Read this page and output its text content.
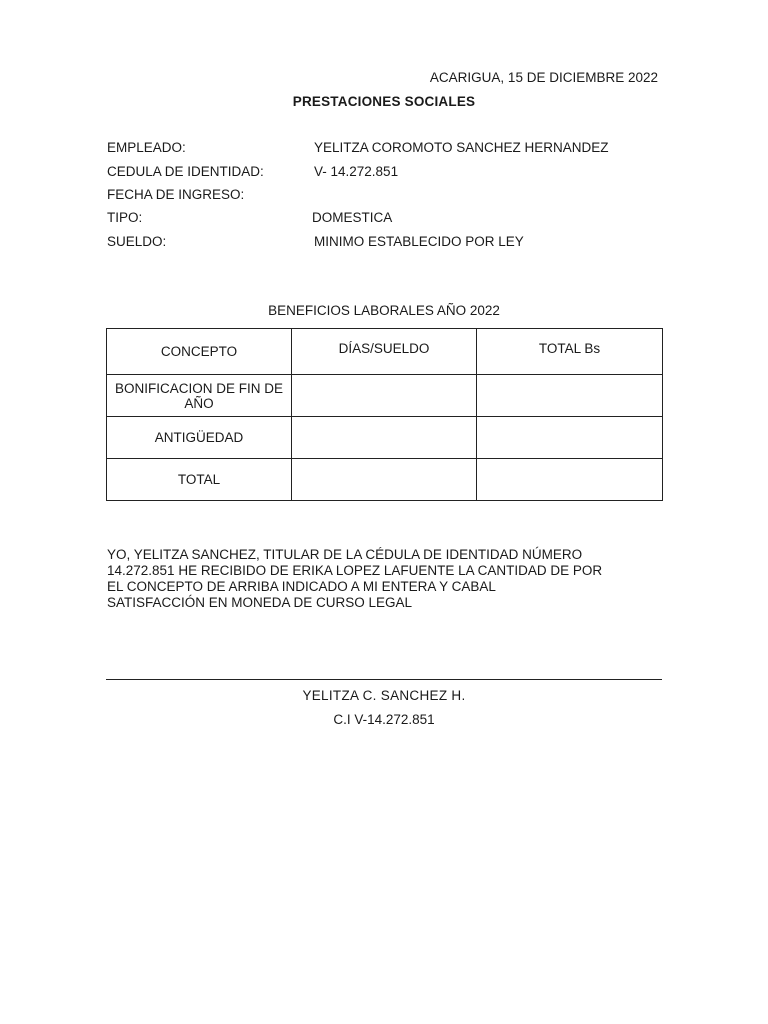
ACARIGUA, 15 DE DICIEMBRE 2022
PRESTACIONES SOCIALES
EMPLEADO:	YELITZA COROMOTO SANCHEZ HERNANDEZ
CEDULA DE IDENTIDAD:	V- 14.272.851
FECHA DE INGRESO:
TIPO:	DOMESTICA
SUELDO:	MINIMO ESTABLECIDO POR LEY
BENEFICIOS LABORALES AÑO 2022
CONCEPTO	DÍAS/SUELDO	TOTAL Bs
BONIFICACION DE FIN DE AÑO		
ANTIGÜEDAD		
TOTAL		
YO, YELITZA SANCHEZ, TITULAR DE LA CÉDULA DE IDENTIDAD NÚMERO
14.272.851 HE RECIBIDO DE ERIKA LOPEZ LAFUENTE LA CANTIDAD DE POR
EL CONCEPTO DE ARRIBA INDICADO A MI ENTERA Y CABAL
SATISFACCIÓN EN MONEDA DE CURSO LEGAL
YELITZA C. SANCHEZ H.
C.I V-14.272.851
